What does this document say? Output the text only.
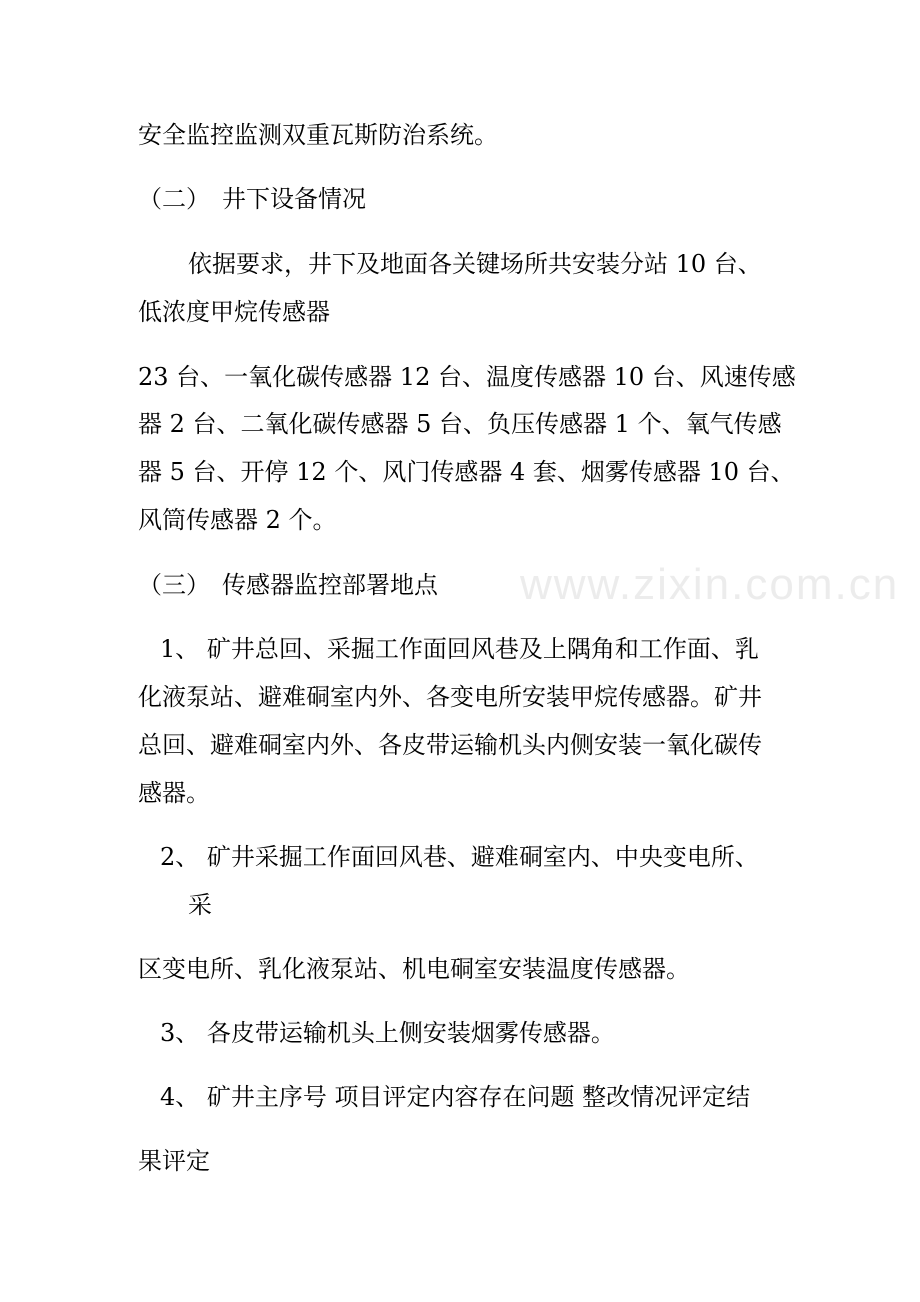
www.zixin.com.cn

安全监控监测双重瓦斯防治系统。

（二）　井下设备情况

依据要求，井下及地面各关键场所共安装分站 10 台、

低浓度甲烷传感器

23 台、一氧化碳传感器 12 台、温度传感器 10 台、风速传感

器 2 台、二氧化碳传感器 5 台、负压传感器 1 个、氧气传感

器 5 台、开停 12 个、风门传感器 4 套、烟雾传感器 10 台、

风筒传感器 2 个。

（三）　传感器监控部署地点

1、 矿井总回、采掘工作面回风巷及上隅角和工作面、乳

化液泵站、避难硐室内外、各变电所安装甲烷传感器。矿井

总回、避难硐室内外、各皮带运输机头内侧安装一氧化碳传

感器。

2、 矿井采掘工作面回风巷、避难硐室内、中央变电所、

采

区变电所、乳化液泵站、机电硐室安装温度传感器。

3、 各皮带运输机头上侧安装烟雾传感器。

4、 矿井主序号 项目评定内容存在问题 整改情况评定结

果评定
